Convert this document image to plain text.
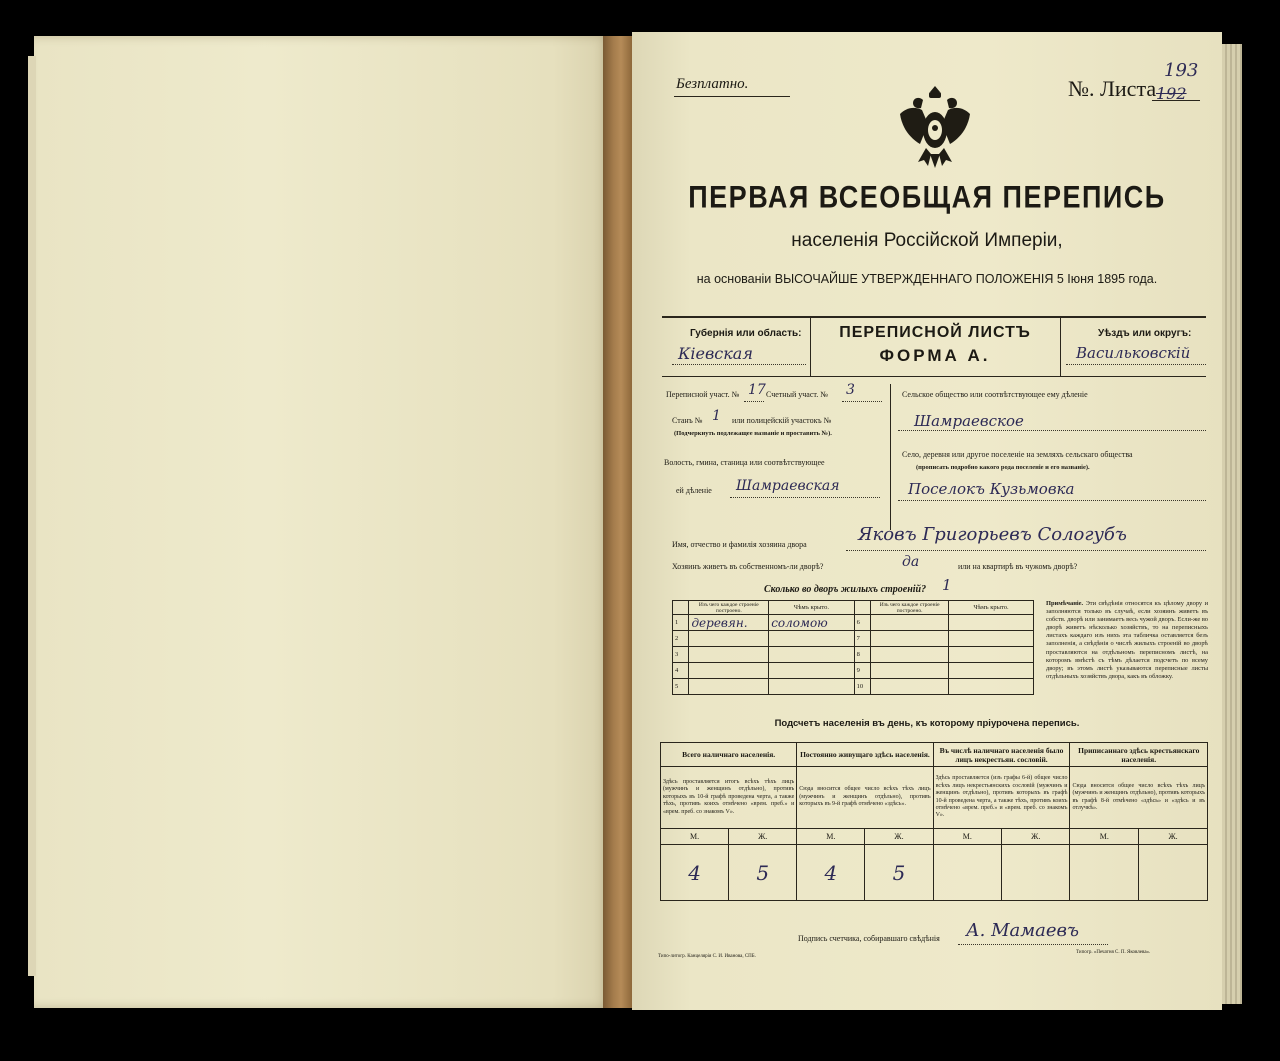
Безплатно.	№. Листа
193
192
ПЕРВАЯ ВСЕОБЩАЯ ПЕРЕПИСЬ
населенія Россійской Имперіи,
на основаніи ВЫСОЧАЙШЕ УТВЕРЖДЕННАГО ПОЛОЖЕНІЯ 5 Іюня 1895 года.
Губернія или область:
Кіевская
ПЕРЕПИСНОЙ ЛИСТЪ
ФОРМА А.
Уѣздъ или округъ:
Васильковскій
Переписной участ. № 17 Счетный участ. № 3
Станъ № 1 или полицейскій участокъ №
(Подчеркнуть подлежащее названіе и проставить №).
Волость, гмина, станица или соотвѣтствующее
ей дѣленіе Шамраевская
Сельское общество или соотвѣтствующее ему дѣленіе
Шамраевское
Село, деревня или другое поселеніе на земляхъ сельскаго общества
(прописать подробно какого рода поселеніе и его названіе).
Поселокъ Кузьмовка
Имя, отчество и фамилія хозяина двора	Яковъ Григорьевъ Сологубъ
Хозяинъ живетъ въ собственномъ-ли дворѣ?	да	или на квартирѣ въ чужомъ дворѣ?
Сколько во дворъ жилыхъ строеній? 1
	Изъ чего каждое строеніе построено.	Чѣмъ крыто.		Изъ чего каждое строеніе построено.	Чѣмъ крыто.
1	деревян.	соломою	6		
2			7		
3			8		
4			9		
5			10		
Примѣчаніе. Эти свѣдѣнія относятся къ цѣлому двору и заполняются только въ случаѣ, если хозяинъ живетъ въ собств. дворѣ или занимаетъ весь чужой дворъ. Если-же во дворѣ живетъ нѣсколько хозяйствъ, то на переписныхъ листахъ каждаго изъ нихъ эта табличка оставляется безъ заполненія, а свѣдѣнія о числѣ жилыхъ строеній во дворѣ проставляются на отдѣльномъ переписномъ листѣ, на которомъ вмѣстѣ съ тѣмъ дѣлается подсчетъ по всему двору; въ этомъ листѣ указываются переписные листы отдѣльныхъ хозяйствъ двора, какъ въ обложку.
Подсчетъ населенія въ день, къ которому пріурочена перепись.
Всего наличнаго населенія.		Постоянно живущаго здѣсь населенія.		Въ числѣ наличнаго населенія было лицъ некрестьян. сословій.		Приписаннаго здѣсь крестьянскаго населенія.	
Здѣсь проставляется итогъ всѣхъ тѣхъ лицъ (мужчинъ и женщинъ отдѣльно), противъ которыхъ въ 10-й графѣ проведена черта, а также тѣхъ, противъ коихъ отмѣчено «врем. преб.» и «врем. преб. со знакомъ V».		Сюда вносится общее число всѣхъ тѣхъ лицъ (мужчинъ и женщинъ отдѣльно), противъ которыхъ въ 9-й графѣ отмѣчено «здѣсь».		Здѣсь проставляется (изъ графы 6-й) общее число всѣхъ лицъ некрестьянскихъ сословій (мужчинъ и женщинъ отдѣльно), противъ которыхъ въ графѣ 10-й проведена черта, а также тѣхъ, противъ коихъ отмѣчено «врем. преб.» и «врем. преб. со знакомъ V».		Сюда вносится общее число всѣхъ тѣхъ лицъ (мужчинъ и женщинъ отдѣльно), противъ которыхъ въ графѣ 8-й отмѣчено «здѣсь» и «здѣсь и въ отлучкѣ».	
М.	Ж.	М.	Ж.	М.	Ж.	М.	Ж.
4	5	4	5				
Подпись счетчика, собиравшаго свѣдѣнія А. Мамаевъ
Типо-литогр. Канцелярія С. И. Иванова, СПБ.
Типогр. «Печатня С. П. Яковлева».
